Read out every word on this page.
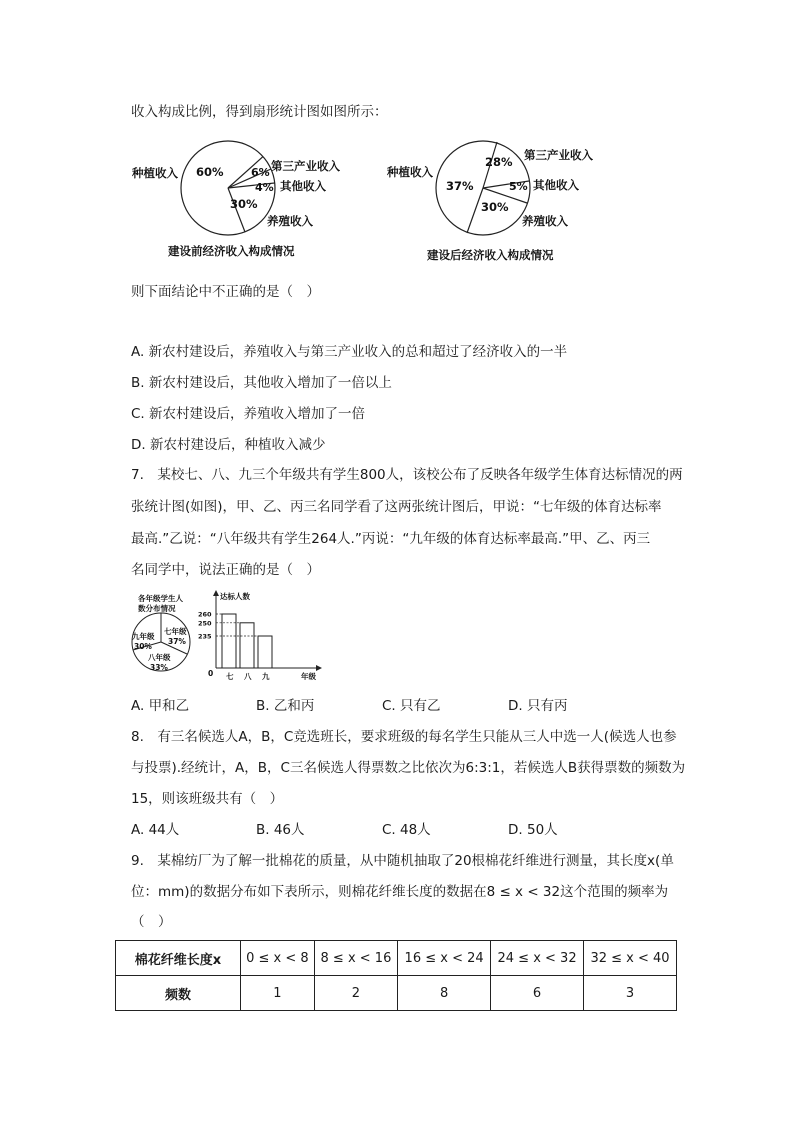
收入构成比例，得到扇形统计图如图所示：
种植收入 60% 6% 第三产业收入
4% 其他收入
30%
养殖收入
建设前经济收入构成情况
种植收入
37%
28% 第三产业收入
5% 其他收入
30%
养殖收入
建设后经济收入构成情况
则下面结论中不正确的是（　）
A. 新农村建设后，养殖收入与第三产业收入的总和超过了经济收入的一半
B. 新农村建设后，其他收入增加了一倍以上
C. 新农村建设后，养殖收入增加了一倍
D. 新农村建设后，种植收入减少
7.　某校七、八、九三个年级共有学生800人，该校公布了反映各年级学生体育达标情况的两
张统计图(如图)，甲、乙、丙三名同学看了这两张统计图后，甲说：“七年级的体育达标率
最高.”乙说：“八年级共有学生264人.”丙说：“九年级的体育达标率最高.”甲、乙、丙三
名同学中，说法正确的是（　）
各年级学生人
数分布情况
九年级
30%
七年级
37%
八年级
33%
达标人数
年级
0
260
250
235
七 八 九
A. 甲和乙	B. 乙和丙	C. 只有乙	D. 只有丙
8.　有三名候选人A，B，C竞选班长，要求班级的每名学生只能从三人中选一人(候选人也参
与投票).经统计，A，B，C三名候选人得票数之比依次为6:3:1，若候选人B获得票数的频数为
15，则该班级共有（　）
A. 44人	B. 46人	C. 48人	D. 50人
9.　某棉纺厂为了解一批棉花的质量，从中随机抽取了20根棉花纤维进行测量，其长度x(单
位：mm)的数据分布如下表所示，则棉花纤维长度的数据在8 ≤ x < 32这个范围的频率为
（　）
棉花纤维长度x	0 ≤ x < 8	8 ≤ x < 16	16 ≤ x < 24	24 ≤ x < 32	32 ≤ x < 40
频数	1	2	8	6	3
